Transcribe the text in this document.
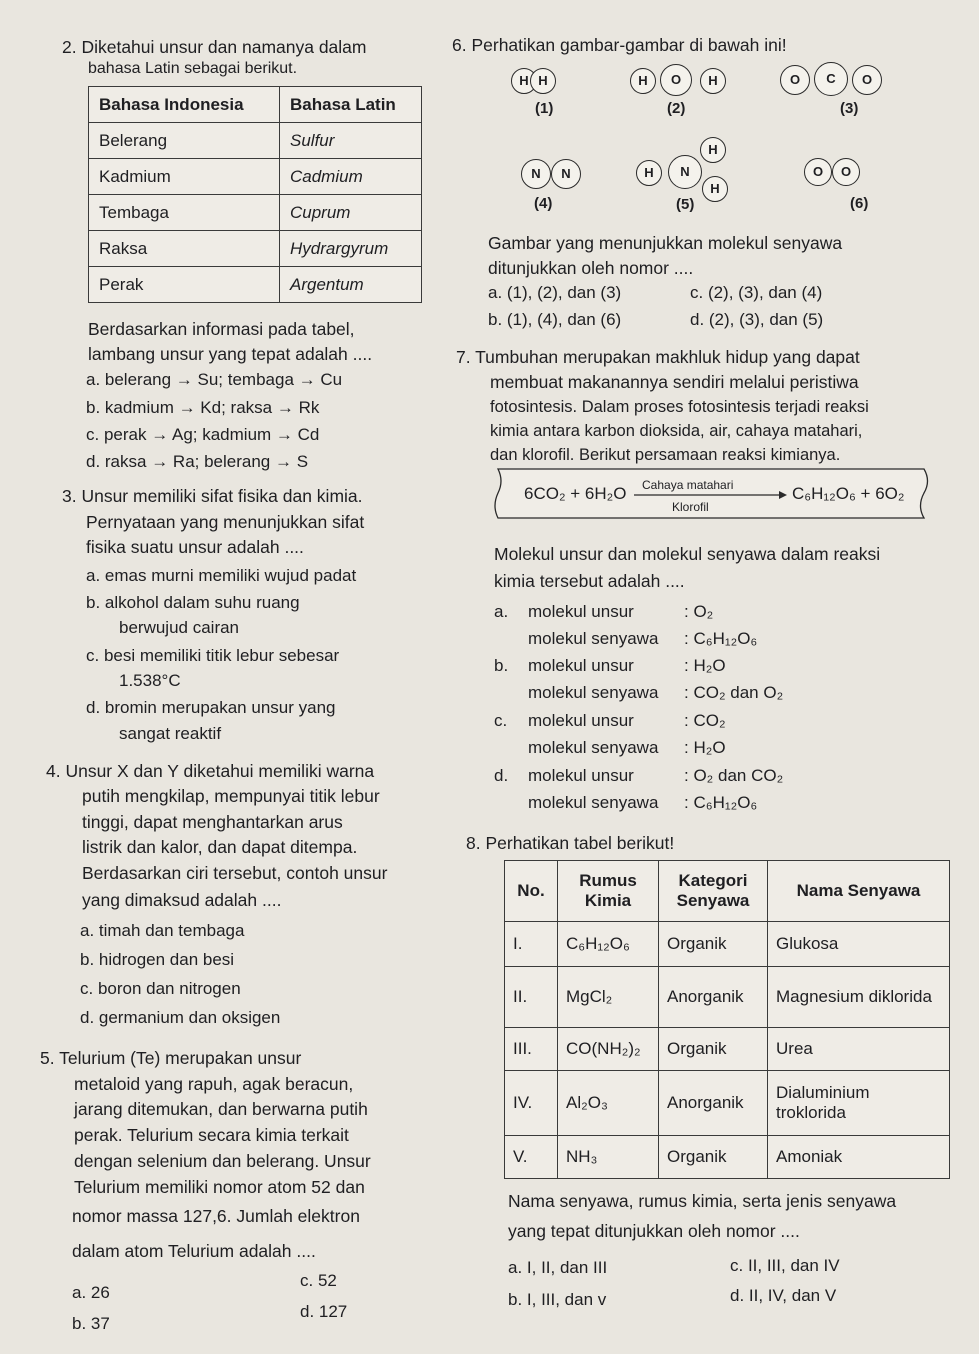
2. Diketahui unsur dan namanya dalam
bahasa Latin sebagai berikut.
Bahasa Indonesia	Bahasa Latin
Belerang	Sulfur
Kadmium	Cadmium
Tembaga	Cuprum
Raksa	Hydrargyrum
Perak	Argentum
Berdasarkan informasi pada tabel,
lambang unsur yang tepat adalah ....
a. belerang → Su; tembaga → Cu
b. kadmium → Kd; raksa → Rk
c. perak → Ag; kadmium → Cd
d. raksa → Ra; belerang → S
3. Unsur memiliki sifat fisika dan kimia.
Pernyataan yang menunjukkan sifat
fisika suatu unsur adalah ....
a. emas murni memiliki wujud padat
b. alkohol dalam suhu ruang
berwujud cairan
c. besi memiliki titik lebur sebesar
1.538°C
d. bromin merupakan unsur yang
sangat reaktif
4. Unsur X dan Y diketahui memiliki warna
putih mengkilap, mempunyai titik lebur
tinggi, dapat menghantarkan arus
listrik dan kalor, dan dapat ditempa.
Berdasarkan ciri tersebut, contoh unsur
yang dimaksud adalah ....
a. timah dan tembaga
b. hidrogen dan besi
c. boron dan nitrogen
d. germanium dan oksigen
5. Telurium (Te) merupakan unsur
metaloid yang rapuh, agak beracun,
jarang ditemukan, dan berwarna putih
perak. Telurium secara kimia terkait
dengan selenium dan belerang. Unsur
Telurium memiliki nomor atom 52 dan
nomor massa 127,6. Jumlah elektron
dalam atom Telurium adalah ....
a. 26
b. 37
c. 52
d. 127
6. Perhatikan gambar-gambar di bawah ini!
H H
(1)
H	O	H
(2)
O	C	O
(3)
N	N
(4)
H
H	N
H
(5)
O	O
(6)
Gambar yang menunjukkan molekul senyawa
ditunjukkan oleh nomor ....
a. (1), (2), dan (3)
b. (1), (4), dan (6)
c. (2), (3), dan (4)
d. (2), (3), dan (5)
7. Tumbuhan merupakan makhluk hidup yang dapat
membuat makanannya sendiri melalui peristiwa
fotosintesis. Dalam proses fotosintesis terjadi reaksi
kimia antara karbon dioksida, air, cahaya matahari,
dan klorofil. Berikut persamaan reaksi kimianya.
6CO₂ + 6H₂O Cahaya matahari
Klorofil
C₆H₁₂O₆ + 6O₂
Molekul unsur dan molekul senyawa dalam reaksi
kimia tersebut adalah ....
a. molekul unsur	: O₂
molekul senyawa : C₆H₁₂O₆
b. molekul unsur	: H₂O
molekul senyawa : CO₂ dan O₂
c. molekul unsur	: CO₂
molekul senyawa : H₂O
d. molekul unsur	: O₂ dan CO₂
molekul senyawa : C₆H₁₂O₆
8. Perhatikan tabel berikut!
No.	Rumus Kimia	Kategori Senyawa	Nama Senyawa
I.	C₆H₁₂O₆	Organik	Glukosa
II.	MgCl₂	Anorganik	Magnesium diklorida
III.	CO(NH₂)₂	Organik	Urea
IV.	Al₂O₃	Anorganik	Dialuminium troklorida
V.	NH₃	Organik	Amoniak
Nama senyawa, rumus kimia, serta jenis senyawa
yang tepat ditunjukkan oleh nomor ....
a. I, II, dan III
b. I, III, dan v
c. II, III, dan IV
d. II, IV, dan V
